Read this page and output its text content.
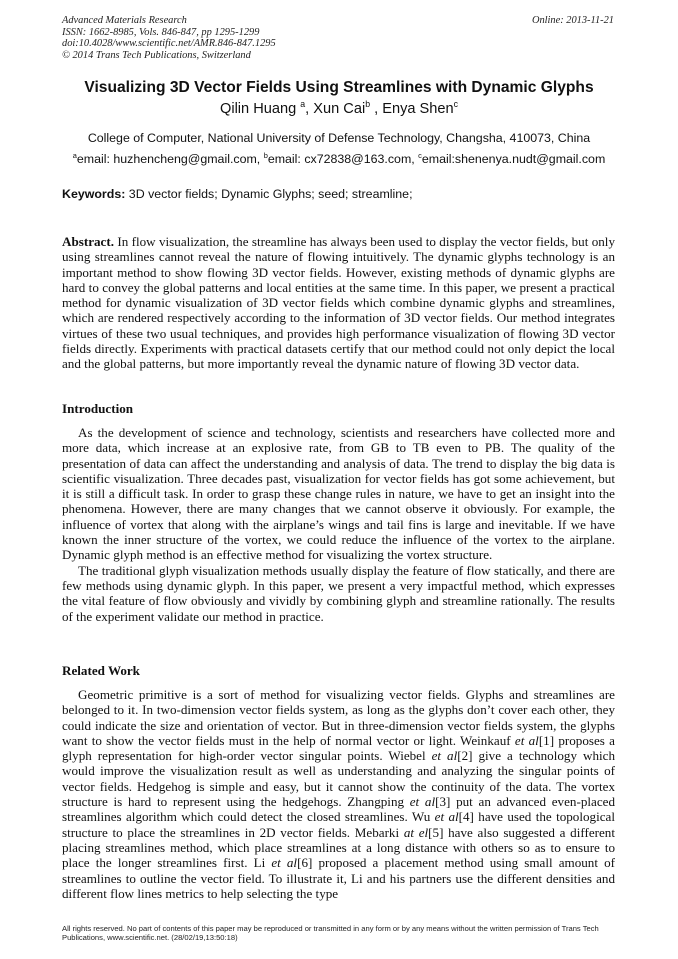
Advanced Materials Research
ISSN: 1662-8985, Vols. 846-847, pp 1295-1299
doi:10.4028/www.scientific.net/AMR.846-847.1295
© 2014 Trans Tech Publications, Switzerland
Online: 2013-11-21
Visualizing 3D Vector Fields Using Streamlines with Dynamic Glyphs
Qilin Huang $^a$, Xun Cai$^b$ , Enya Shen$^c$
College of Computer, National University of Defense Technology, Changsha, 410073, China
$^a$email: huzhencheng@gmail.com, $^b$email: cx72838@163.com, $^c$email:shenenya.nudt@gmail.com
Keywords: 3D vector fields; Dynamic Glyphs; seed; streamline;

Abstract. In flow visualization, the streamline has always been used to display the vector fields, but only using streamlines cannot reveal the nature of flowing intuitively. The dynamic glyphs technology is an important method to show flowing 3D vector fields. However, existing methods of dynamic glyphs are hard to convey the global patterns and local entities at the same time. In this paper, we present a practical method for dynamic visualization of 3D vector fields which combine dynamic glyphs and streamlines, which are rendered respectively according to the information of 3D vector fields. Our method integrates virtues of these two usual techniques, and provides high performance visualization of flowing 3D vector fields directly. Experiments with practical datasets certify that our method could not only depict the local and the global patterns, but more importantly reveal the dynamic nature of flowing 3D vector data.

Introduction

As the development of science and technology, scientists and researchers have collected more and more data, which increase at an explosive rate, from GB to TB even to PB. The quality of the presentation of data can affect the understanding and analysis of data. The trend to display the big data is scientific visualization. Three decades past, visualization for vector fields has got some achievement, but it is still a difficult task. In order to grasp these change rules in nature, we have to get an insight into the phenomena. However, there are many changes that we cannot observe it obviously. For example, the influence of vortex that along with the airplane’s wings and tail fins is large and inevitable. If we have known the inner structure of the vortex, we could reduce the influence of the vortex to the airplane. Dynamic glyph method is an effective method for visualizing the vortex structure.

The traditional glyph visualization methods usually display the feature of flow statically, and there are few methods using dynamic glyph. In this paper, we present a very impactful method, which expresses the vital feature of flow obviously and vividly by combining glyph and streamline rationally. The results of the experiment validate our method in practice.

Related Work

Geometric primitive is a sort of method for visualizing vector fields. Glyphs and streamlines are belonged to it. In two-dimension vector fields system, as long as the glyphs don’t cover each other, they could indicate the size and orientation of vector. But in three-dimension vector fields system, the glyphs want to show the vector fields must in the help of normal vector or light. Weinkauf et al[1] proposes a glyph representation for high-order vector singular points. Wiebel et al[2] give a technology which would improve the visualization result as well as understanding and analyzing the singular points of vector fields. Hedgehog is simple and easy, but it cannot show the continuity of the data. The vortex structure is hard to represent using the hedgehogs. Zhangping et al[3] put an advanced even-placed streamlines algorithm which could detect the closed streamlines. Wu et al[4] have used the topological structure to place the streamlines in 2D vector fields. Mebarki at el[5] have also suggested a different placing streamlines method, which place streamlines at a long distance with others so as to ensure to place the longer streamlines first. Li et al[6] proposed a placement method using small amount of streamlines to outline the vector field. To illustrate it, Li and his partners use the different densities and different flow lines metrics to help selecting the type

All rights reserved. No part of contents of this paper may be reproduced or transmitted in any form or by any means without the written permission of Trans Tech Publications, www.scientific.net. (28/02/19,13:50:18)
